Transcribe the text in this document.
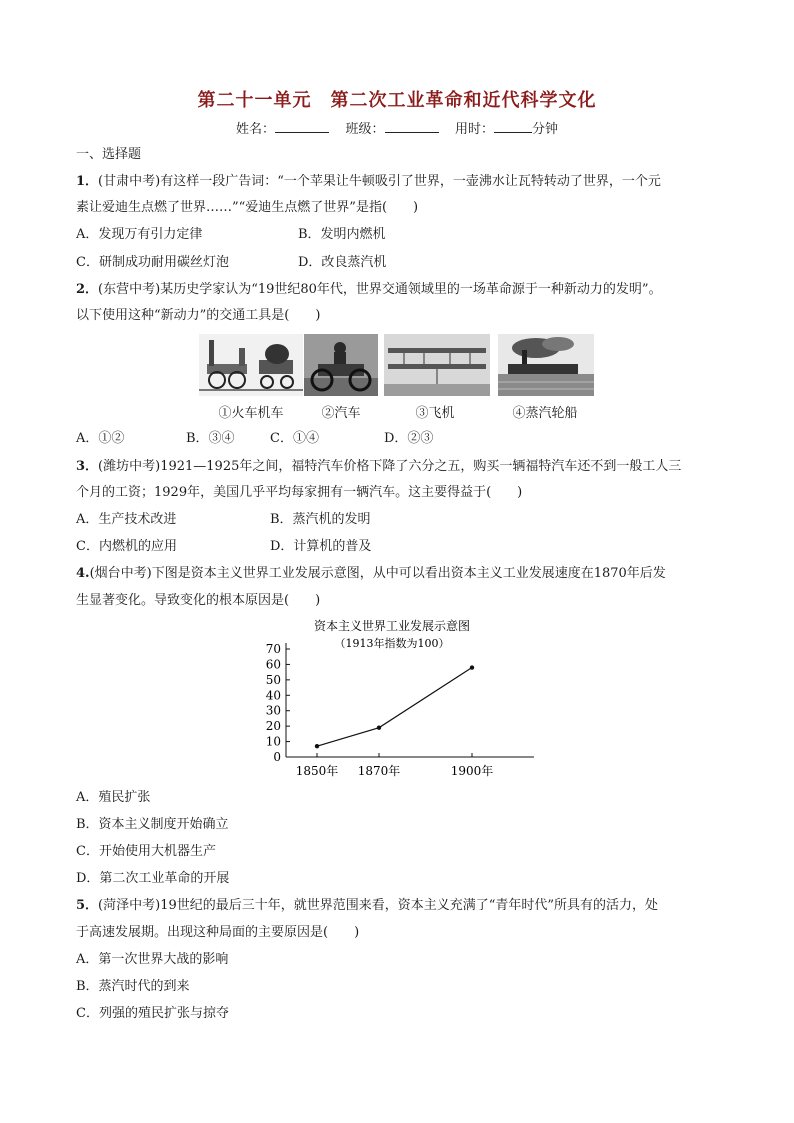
第二十一单元　第二次工业革命和近代科学文化
姓名：	班级：	用时：	分钟
一、选择题
1．(甘肃中考)有这样一段广告词：“一个苹果让牛顿吸引了世界，一壶沸水让瓦特转动了世界，一个元
素让爱迪生点燃了世界……”“爱迪生点燃了世界”是指(　　)
A．发现万有引力定律	B．发明内燃机
C．研制成功耐用碳丝灯泡	D．改良蒸汽机
2．(东营中考)某历史学家认为“19世纪80年代，世界交通领域里的一场革命源于一种新动力的发明”。
以下使用这种“新动力”的交通工具是(　　)
①火车机车	②汽车	③飞机	④蒸汽轮船
A．①②	B．③④	C．①④	D．②③
3．(潍坊中考)1921—1925年之间，福特汽车价格下降了六分之五，购买一辆福特汽车还不到一般工人三
个月的工资；1929年，美国几乎平均每家拥有一辆汽车。这主要得益于(　　)
A．生产技术改进	B．蒸汽机的发明
C．内燃机的应用	D．计算机的普及
4.(烟台中考)下图是资本主义世界工业发展示意图，从中可以看出资本主义工业发展速度在1870年后发
生显著变化。导致变化的根本原因是(　　)
资本主义世界工业发展示意图
（1913年指数为100）
0
10
20
30
40
50
60
70
1850年 1870年	1900年
A．殖民扩张
B．资本主义制度开始确立
C．开始使用大机器生产
D．第二次工业革命的开展
5．(菏泽中考)19世纪的最后三十年，就世界范围来看，资本主义充满了“青年时代”所具有的活力，处
于高速发展期。出现这种局面的主要原因是(　　)
A．第一次世界大战的影响
B．蒸汽时代的到来
C．列强的殖民扩张与掠夺
